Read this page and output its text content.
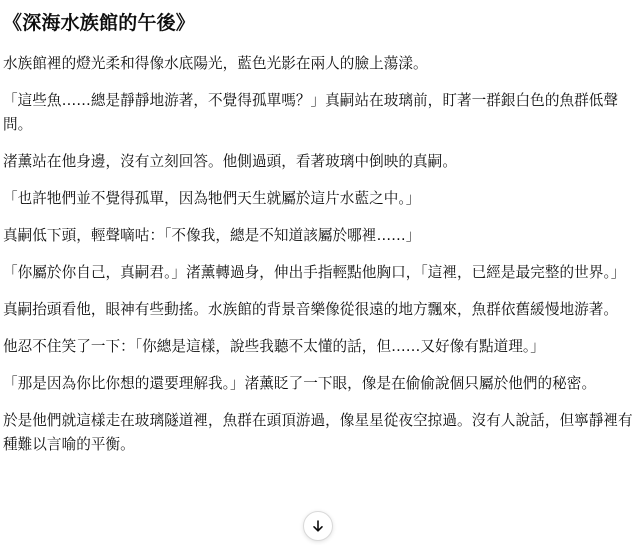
《深海水族館的午後》

水族館裡的燈光柔和得像水底陽光，藍色光影在兩人的臉上蕩漾。

「這些魚……總是靜靜地游著，不覺得孤單嗎？」真嗣站在玻璃前，盯著一群銀白色的魚群低聲問。

渚薰站在他身邊，沒有立刻回答。他側過頭，看著玻璃中倒映的真嗣。

「也許牠們並不覺得孤單，因為牠們天生就屬於這片水藍之中。」

真嗣低下頭，輕聲嘀咕：「不像我，總是不知道該屬於哪裡……」

「你屬於你自己，真嗣君。」渚薰轉過身，伸出手指輕點他胸口，「這裡，已經是最完整的世界。」

真嗣抬頭看他，眼神有些動搖。水族館的背景音樂像從很遠的地方飄來，魚群依舊緩慢地游著。

他忍不住笑了一下：「你總是這樣，說些我聽不太懂的話，但……又好像有點道理。」

「那是因為你比你想的還要理解我。」渚薰眨了一下眼，像是在偷偷說個只屬於他們的秘密。

於是他們就這樣走在玻璃隧道裡，魚群在頭頂游過，像星星從夜空掠過。沒有人說話，但寧靜裡有種難以言喻的平衡。
